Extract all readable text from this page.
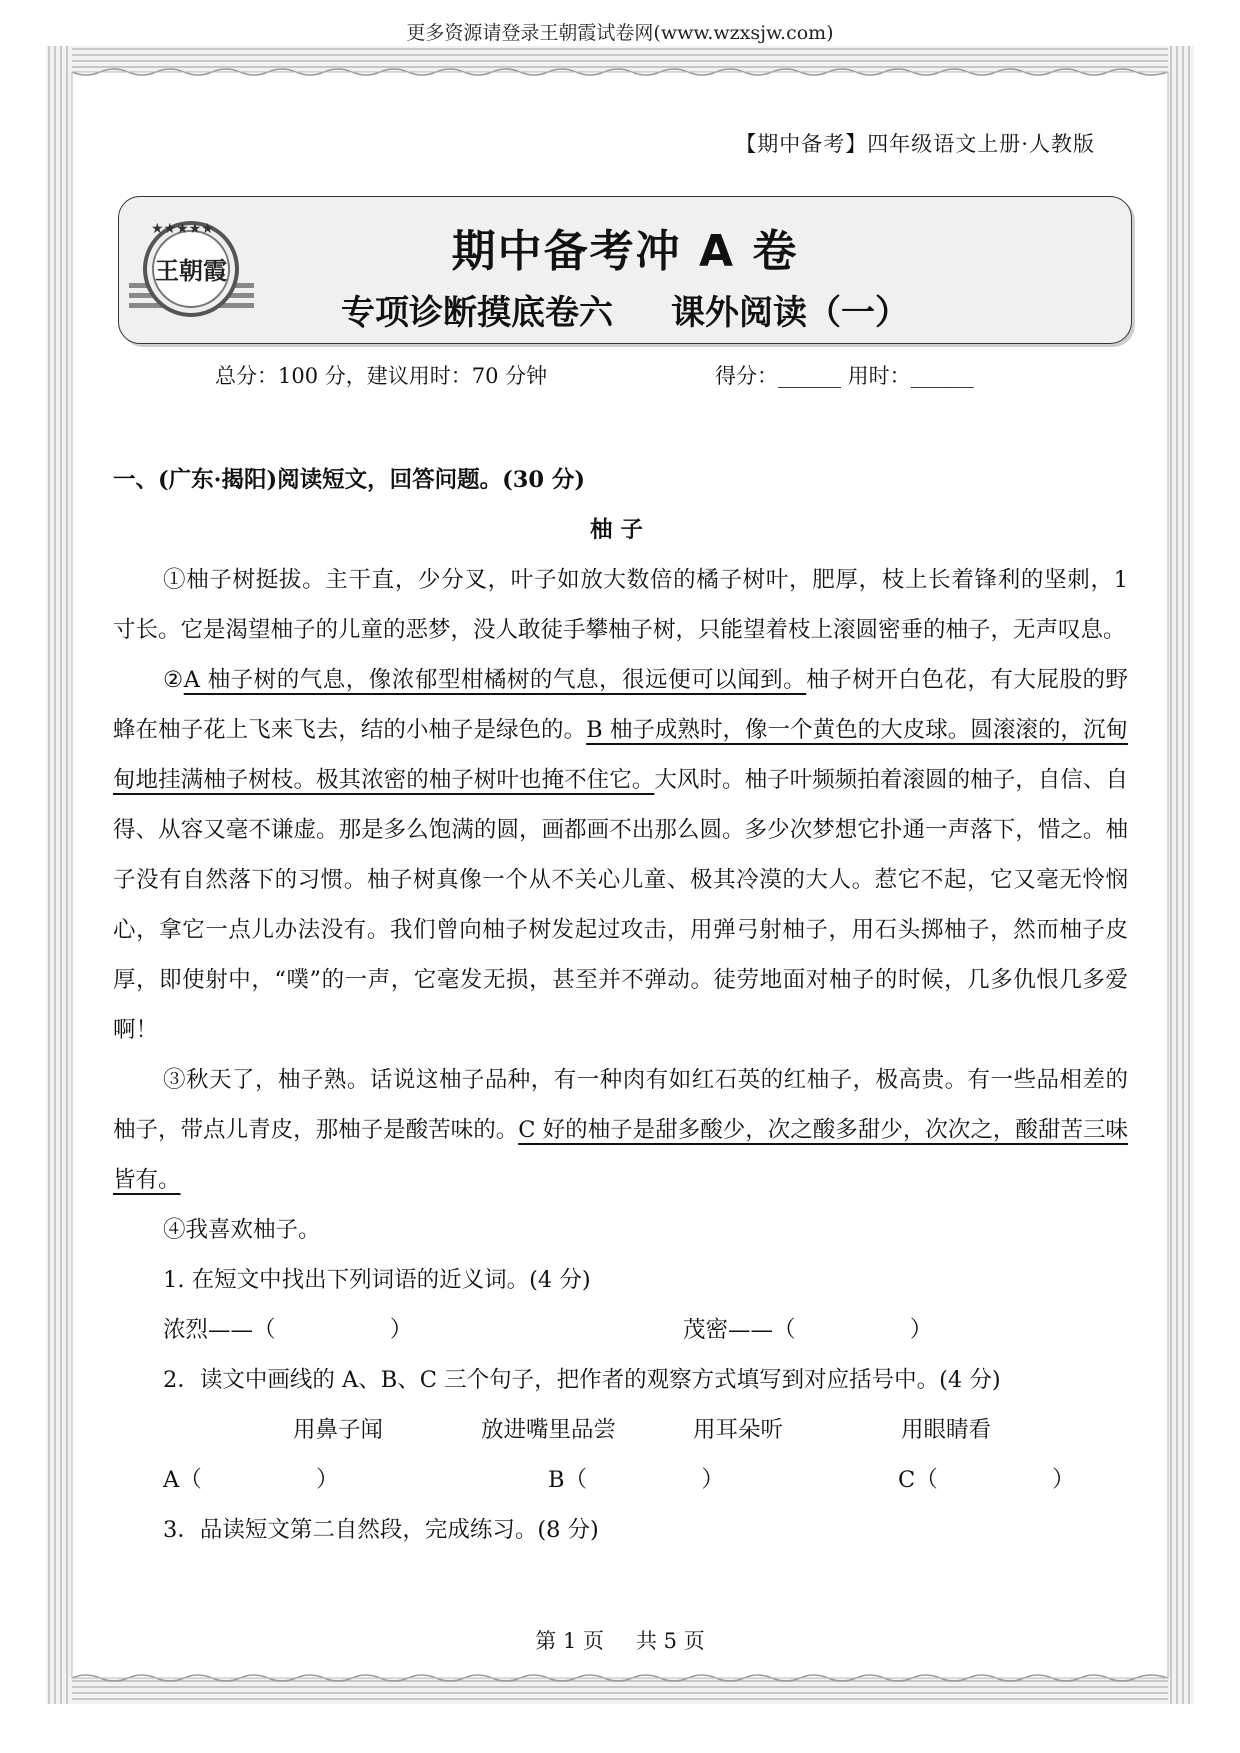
更多资源请登录王朝霞试卷网(www.wzxsjw.com)
【期中备考】四年级语文上册·人教版
★★★★★
王朝霞	期中备考冲 A 卷
专项诊断摸底卷六 课外阅读（一）
总分：100 分，建议用时：70 分钟	得分：______ 用时：______

一、(广东·揭阳)阅读短文，回答问题。(30 分)

柚子

①柚子树挺拔。主干直，少分叉，叶子如放大数倍的橘子树叶，肥厚，枝上长着锋利的坚刺，1 寸长。它是渴望柚子的儿童的恶梦，没人敢徒手攀柚子树，只能望着枝上滚圆密垂的柚子，无声叹息。

②A 柚子树的气息，像浓郁型柑橘树的气息，很远便可以闻到。柚子树开白色花，有大屁股的野蜂在柚子花上飞来飞去，结的小柚子是绿色的。B 柚子成熟时，像一个黄色的大皮球。圆滚滚的，沉甸甸地挂满柚子树枝。极其浓密的柚子树叶也掩不住它。大风时。柚子叶频频拍着滚圆的柚子，自信、自得、从容又毫不谦虚。那是多么饱满的圆，画都画不出那么圆。多少次梦想它扑通一声落下，惜之。柚子没有自然落下的习惯。柚子树真像一个从不关心儿童、极其冷漠的大人。惹它不起，它又毫无怜悯心，拿它一点儿办法没有。我们曾向柚子树发起过攻击，用弹弓射柚子，用石头掷柚子，然而柚子皮厚，即使射中，“噗”的一声，它毫发无损，甚至并不弹动。徒劳地面对柚子的时候，几多仇恨几多爱啊！

③秋天了，柚子熟。话说这柚子品种，有一种肉有如红石英的红柚子，极高贵。有一些品相差的柚子，带点儿青皮，那柚子是酸苦味的。C 好的柚子是甜多酸少，次之酸多甜少，次次之，酸甜苦三味皆有。

④我喜欢柚子。

1. 在短文中找出下列词语的近义词。(4 分)

浓烈——（                ）	茂密——（                ）

2．读文中画线的 A、B、C 三个句子，把作者的观察方式填写到对应括号中。(4 分)

用鼻子闻	放进嘴里品尝	用耳朵听	用眼睛看
A（                ）	B（                ）	C（                ）

3．品读短文第二自然段，完成练习。(8 分)

第 1 页 共 5 页
